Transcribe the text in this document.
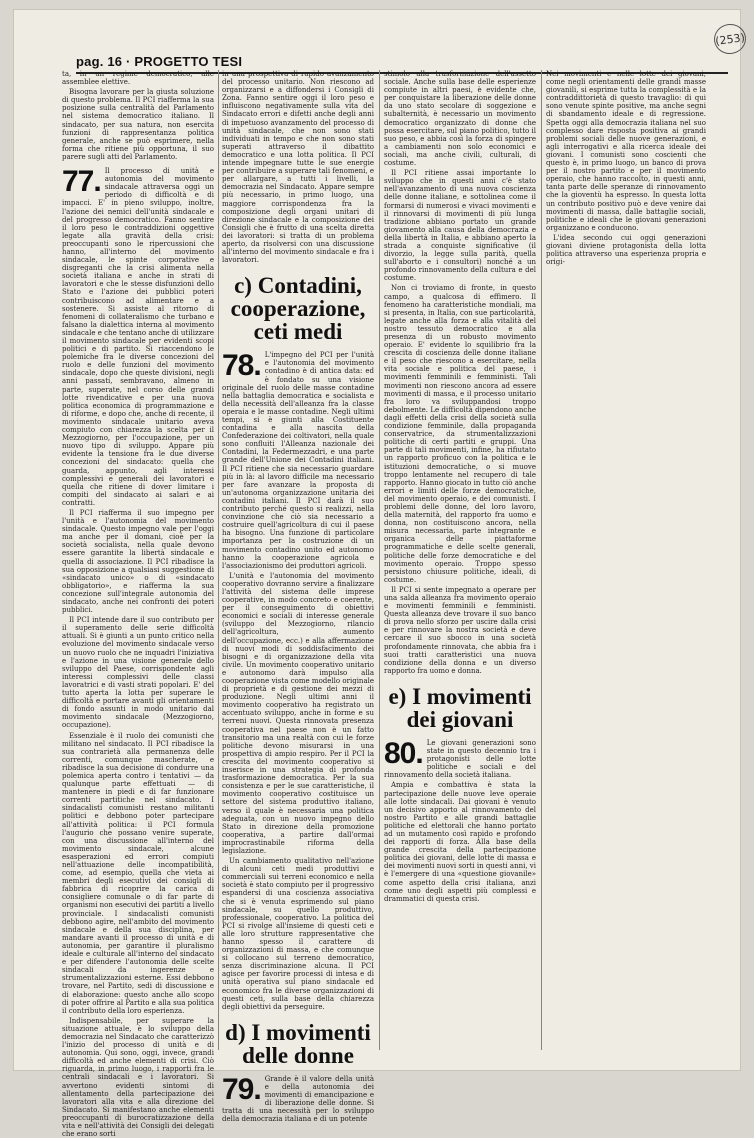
(253)
pag. 16 · PROGETTO TESI

ta, in un regime democratico, alle assemblee elettive.

Bisogna lavorare per la giusta soluzione di questo problema. Il PCI riafferma la sua posizione sulla centralità del Parlamento nel sistema democratico italiano. Il sindacato, per sua natura, non esercita funzioni di rappresentanza politica generale, anche se può esprimere, nella forma che ritiene più opportuna, il suo parere sugli atti del Parlamento.

77. Il processo di unità e autonomia del movimento sindacale attraversa oggi un periodo di difficoltà e di impacci. E' in pieno sviluppo, inoltre, l'azione dei nemici dell'unità sindacale e del progresso democratico. Fanno sentire il loro peso le contraddizioni oggettive legate alla gravità della crisi: preoccupanti sono le ripercussioni che hanno, all'interno del movimento sindacale, le spinte corporative e disgreganti che la crisi alimenta nella società italiana e anche in strati di lavoratori e che le stesse disfunzioni dello Stato e l'azione dei pubblici poteri contribuiscono ad alimentare e a sostenere. Si assiste al ritorno di fenomeni di collateralismo che turbano e falsano la dialettica interna al movimento sindacale e che tentano anche di utilizzare il movimento sindacale per evidenti scopi politici e di partito. Si riaccendono le polemiche fra le diverse concezioni del ruolo e delle funzioni del movimento sindacale, dopo che queste divisioni, negli anni passati, sembravano, almeno in parte, superate, nel corso delle grandi lotte rivendicative e per una nuova politica economica di programmazione e di riforme, e dopo che, anche di recente, il movimento sindacale unitario aveva compiuto con chiarezza la scelta per il Mezzogiorno, per l'occupazione, per un nuovo tipo di sviluppo. Appare più evidente la tensione fra le due diverse concezioni del sindacato: quella che guarda, appunto, agli interessi complessivi e generali dei lavoratori e quella che ritiene di dover limitare i compiti del sindacato ai salari e ai contratti.

Il PCI riafferma il suo impegno per l'unità e l'autonomia del movimento sindacale. Questo impegno vale per l'oggi ma anche per il domani, cioè per la società socialista, nella quale devono essere garantite la libertà sindacale e quella di associazione. Il PCI ribadisce la sua opposizione a qualsiasi suggestione di «sindacato unico» o di «sindacato obbligatorio», e riafferma la sua concezione sull'integrale autonomia del sindacato, anche nei confronti dei poteri pubblici.

Il PCI intende dare il suo contributo per il superamento delle serie difficoltà attuali. Si è giunti a un punto critico nella evoluzione del movimento sindacale verso un nuovo ruolo che ne inquadri l'iniziativa e l'azione in una visione generale dello sviluppo del Paese, corrispondente agli interessi complessivi delle classi lavoratrici e di vasti strati popolari. E' del tutto aperta la lotta per superare le difficoltà e portare avanti gli orientamenti di fondo assunti in modo unitario dal movimento sindacale (Mezzogiorno, occupazione).

Essenziale è il ruolo dei comunisti che militano nel sindacato. Il PCI ribadisce la sua contrarietà alla permanenza delle correnti, comunque mascherate, e ribadisce la sua decisione di condurre una polemica aperta contro i tentativi — da qualunque parte effettuati — di mantenere in piedi e di far funzionare correnti partitiche nel sindacato. I sindacalisti comunisti restano militanti politici e debbono poter partecipare all'attività politica: il PCI formula l'augurio che possano venire superate, con una discussione all'interno del movimento sindacale, alcune esasperazioni ed errori compiuti nell'attuazione delle incompatibilità, come, ad esempio, quella che vieta ai membri degli esecutivi dei consigli di fabbrica di ricoprire la carica di consigliere comunale o di far parte di organismi non esecutivi dei partiti a livello provinciale. I sindacalisti comunisti debbono agire, nell'ambito del movimento sindacale e della sua disciplina, per mandare avanti il processo di unità e di autonomia, per garantire il pluralismo ideale e culturale all'interno del sindacato e per difendere l'autonomia delle scelte sindacali da ingerenze e strumentalizzazioni esterne. Essi debbono trovare, nel Partito, sedi di discussione e di elaborazione: questo anche allo scopo di poter offrire al Partito e alla sua politica il contributo della loro esperienza.

Indispensabile, per superare la situazione attuale, è lo sviluppo della democrazia nel Sindacato che caratterizzò l'inizio del processo di unità e di autonomia. Qui sono, oggi, invece, grandi difficoltà ed anche elementi di crisi. Ciò riguarda, in primo luogo, i rapporti fra le centrali sindacali e i lavoratori. Si avvertono evidenti sintomi di allentamento della partecipazione dei lavoratori alla vita e alla direzione del Sindacato. Si manifestano anche elementi preoccupanti di burocratizzazione della vita e nell'attività dei Consigli dei delegati che erano sorti

in una prospettiva di rapido avanzamento del processo unitario. Non riescono ad organizzarsi e a diffondersi i Consigli di Zona. Fanno sentire oggi il loro peso e influiscono negativamente sulla vita del Sindacato errori e difetti anche degli anni di impetuoso avanzamento del processo di unità sindacale, che non sono stati individuati in tempo e che non sono stati superati attraverso il dibattito democratico e una lotta politica. Il PCI intende impegnare tutte le sue energie per contribuire a superare tali fenomeni, e per allargare, a tutti i livelli, la democrazia nel Sindacato. Appare sempre più necessario, in primo luogo, una maggiore corrispondenza fra la composizione degli organi unitari di direzione sindacale e la composizione dei Consigli che è frutto di una scelta diretta dei lavoratori: si tratta di un problema aperto, da risolversi con una discussione all'interno del movimento sindacale e fra i lavoratori.

c) Contadini, cooperazione, ceti medi
78. L'impegno del PCI per l'unità e l'autonomia del movimento contadino è di antica data: ed è fondato su una visione originale del ruolo delle masse contadine nella battaglia democratica e socialista e della necessità dell'alleanza fra la classe operaia e le masse contadine. Negli ultimi tempi, si è giunti alla Costituente contadina e alla nascita della Confederazione dei coltivatori, nella quale sono confluiti l'Alleanza nazionale dei Contadini, la Federmezzadri, e una parte grande dell'Unione dei Contadini italiani. Il PCI ritiene che sia necessario guardare più in là: al lavoro difficile ma necessario per fare avanzare la proposta di un'autonoma organizzazione unitaria dei contadini italiani. Il PCI darà il suo contributo perché questo si realizzi, nella convinzione che ciò sia necessario a costruire quell'agricoltura di cui il paese ha bisogno. Una funzione di particolare importanza per la costruzione di un movimento contadino unito ed autonomo hanno la cooperazione agricola e l'associazionismo dei produttori agricoli.

L'unità e l'autonomia del movimento cooperativo dovranno servire a finalizzare l'attività del sistema delle imprese cooperative, in modo concreto e coerente, per il conseguimento di obiettivi economici e sociali di interesse generale (sviluppo del Mezzogiorno, rilancio dell'agricoltura, aumento dell'occupazione, ecc.) e alla affermazione di nuovi modi di soddisfacimento dei bisogni e di organizzazione della vita civile. Un movimento cooperativo unitario e autonomo darà impulso alla cooperazione vista come modello originale di proprietà e di gestione dei mezzi di produzione. Negli ultimi anni il movimento cooperativo ha registrato un accentuato sviluppo, anche in forme e su terreni nuovi. Questa rinnovata presenza cooperativa nel paese non è un fatto transitorio ma una realtà con cui le forze politiche devono misurarsi in una prospettiva di ampio respiro. Per il PCI la crescita del movimento cooperativo si inserisce in una strategia di profonda trasformazione democratica. Per la sua consistenza e per le sue caratteristiche, il movimento cooperativo costituisce un settore del sistema produttivo italiano, verso il quale è necessaria una politica adeguata, con un nuovo impegno dello Stato in direzione della promozione cooperativa, a partire dall'ormai improcrastinabile riforma della legislazione.

Un cambiamento qualitativo nell'azione di alcuni ceti medi produttivi e commerciali sui terreni economico e nella società è stato compiuto per il progressivo espandersi di una coscienza associativa che si è venuta esprimendo sul piano sindacale, su quello produttivo, professionale, cooperativo. La politica del PCI si rivolge all'insieme di questi ceti e alle loro strutture rappresentative che hanno spesso il carattere di organizzazioni di massa, e che comunque si collocano sul terreno democratico, senza discriminazione alcuna. Il PCI agisce per favorire processi di intesa e di unità operativa sul piano sindacale ed economico fra le diverse organizzazioni di questi ceti, sulla base della chiarezza degli obiettivi da perseguire.

d) I movimenti delle donne
79. Grande è il valore della unità e della autonomia dei movimenti di emancipazione e di liberazione delle donne. Si tratta di una necessità per lo sviluppo della democrazia italiana e di un potente

stimolo alla trasformazione dell'assetto sociale. Anche sulla base delle esperienze compiute in altri paesi, è evidente che, per conquistare la liberazione delle donne da uno stato secolare di soggezione e subalternità, è necessario un movimento democratico organizzato di donne che possa esercitare, sul piano politico, tutto il suo peso, e abbia così la forza di spingere a cambiamenti non solo economici e sociali, ma anche civili, culturali, di costume.

Il PCI ritiene assai importante lo sviluppo che in questi anni c'è stato nell'avanzamento di una nuova coscienza delle donne italiane, e sottolinea come il formarsi di numerosi e vivaci movimenti e il rinnovarsi di movimenti di più lunga tradizione abbiano portato un grande giovamento alla causa della democrazia e della libertà in Italia, e abbiano aperto la strada a conquiste significative (il divorzio, la legge sulla parità, quella sull'aborto e i consultori) nonché a un profondo rinnovamento della cultura e del costume.

Non ci troviamo di fronte, in questo campo, a qualcosa di effimero. Il fenomeno ha caratteristiche mondiali, ma si presenta, in Italia, con sue particolarità, legate anche alla forza e alla vitalità del nostro tessuto democratico e alla presenza di un robusto movimento operaio. E' evidente lo squilibrio fra la crescita di coscienza delle donne italiane e il peso che riescono a esercitare, nella vita sociale e politica del paese, i movimenti femminili e femministi. Tali movimenti non riescono ancora ad essere movimenti di massa, e il processo unitario fra loro va sviluppandosi troppo debolmente. Le difficoltà dipendono anche dagli effetti della crisi della società sulla condizione femminile, dalla propaganda conservatrice, da strumentalizzazioni politiche di certi partiti e gruppi. Una parte di tali movimenti, infine, ha rifiutato un rapporto proficuo con la politica e le istituzioni democratiche, o si muove troppo lentamente nel recupero di tale rapporto. Hanno giocato in tutto ciò anche errori e limiti delle forze democratiche, del movimento operaio, e dei comunisti. I problemi delle donne, del loro lavoro, della maternità, del rapporto fra uomo e donna, non costituiscono ancora, nella misura necessaria, parte integrante e organica delle piattaforme programmatiche e delle scelte generali, politiche delle forze democratiche e del movimento operaio. Troppo spesso persistono chiusure politiche, ideali, di costume.

Il PCI si sente impegnato a operare per una salda alleanza fra movimento operaio e movimenti femminili e femministi. Questa alleanza deve trovare il suo banco di prova nello sforzo per uscire dalla crisi e per rinnovare la nostra società e deve cercare il suo sbocco in una società profondamente rinnovata, che abbia fra i suoi tratti caratteristici una nuova condizione della donna e un diverso rapporto fra uomo e donna.

e) I movimenti dei giovani
80. Le giovani generazioni sono state in questo decennio tra i protagonisti delle lotte politiche e sociali e del rinnovamento della società italiana.

Ampia e combattiva è stata la partecipazione delle nuove leve operaie alle lotte sindacali. Dai giovani è venuto un decisivo apporto al rinnovamento del nostro Partito e alle grandi battaglie politiche ed elettorali che hanno portato ad un mutamento così rapido e profondo dei rapporti di forza. Alla base della grande crescita della partecipazione politica dei giovani, delle lotte di massa e dei movimenti nuovi sorti in questi anni, vi è l'emergere di una «questione giovanile» come aspetto della crisi italiana, anzi come uno degli aspetti più complessi e drammatici di questa crisi.

Nei movimenti e nelle lotte dei giovani, come negli orientamenti delle grandi masse giovanili, si esprime tutta la complessità e la contraddittorietà di questo travaglio: di qui sono venute spinte positive, ma anche segni di sbandamento ideale e di regressione. Spetta oggi alla democrazia italiana nel suo complesso dare risposta positiva ai grandi problemi sociali delle nuove generazioni, e agli interrogativi e alla ricerca ideale dei giovani. I comunisti sono coscienti che questo è, in primo luogo, un banco di prova per il nostro partito e per il movimento operaio, che hanno raccolto, in questi anni, tanta parte delle speranze di rinnovamento che la gioventù ha espresso. In questa lotta un contributo positivo può e deve venire dai movimenti di massa, dalle battaglie sociali, politiche e ideali che le giovani generazioni organizzano e conducono.

L'idea secondo cui oggi generazioni giovani diviene protagonista della lotta politica attraverso una esperienza propria e origi-
